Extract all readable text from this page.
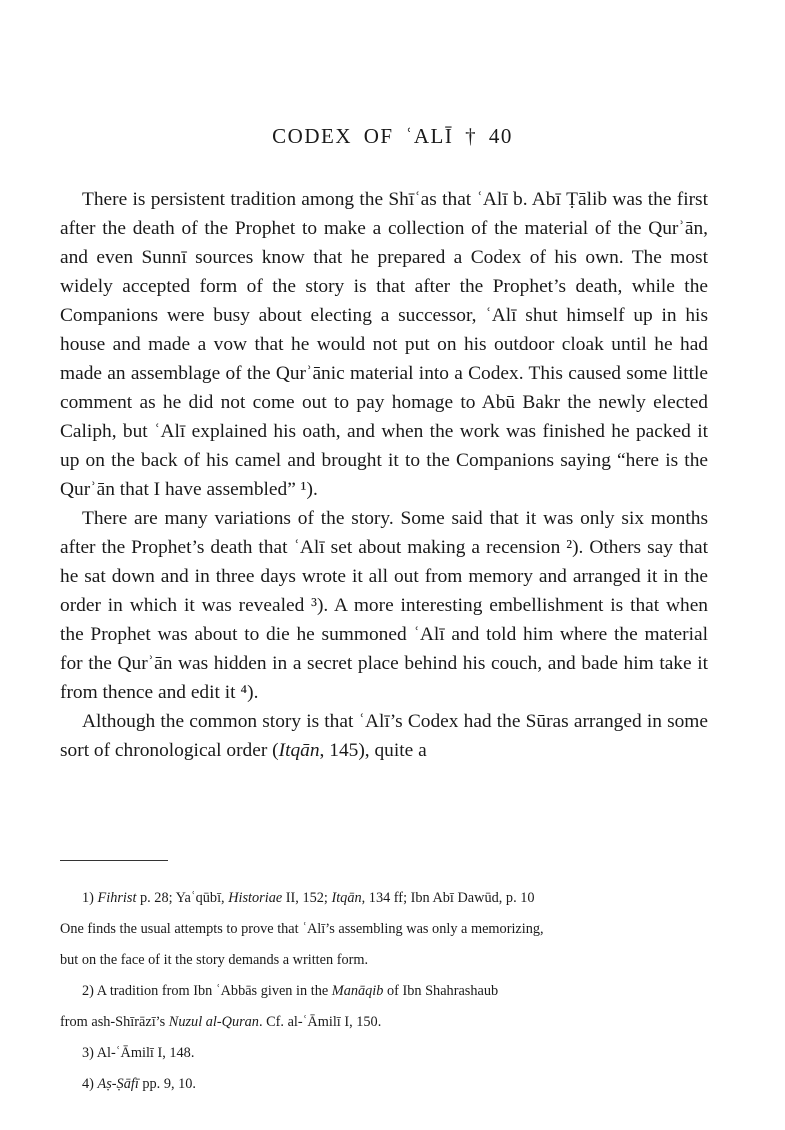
CODEX OF ʿALĪ † 40

There is persistent tradition among the Shīʿas that ʿAlī b. Abī Ṭālib was the first after the death of the Prophet to make a collection of the material of the Qurʾān, and even Sunnī sources know that he prepared a Codex of his own. The most widely accepted form of the story is that after the Prophet’s death, while the Companions were busy about electing a successor, ʿAlī shut himself up in his house and made a vow that he would not put on his outdoor cloak until he had made an assemblage of the Qurʾānic material into a Codex. This caused some little comment as he did not come out to pay homage to Abū Bakr the newly elected Caliph, but ʿAlī explained his oath, and when the work was finished he packed it up on the back of his camel and brought it to the Companions saying “here is the Qurʾān that I have assembled” ¹).

There are many variations of the story. Some said that it was only six months after the Prophet’s death that ʿAlī set about making a recension ²). Others say that he sat down and in three days wrote it all out from memory and arranged it in the order in which it was revealed ³). A more interesting embellishment is that when the Prophet was about to die he summoned ʿAlī and told him where the material for the Qurʾān was hidden in a secret place behind his couch, and bade him take it from thence and edit it ⁴).

Although the common story is that ʿAlī’s Codex had the Sūras arranged in some sort of chronological order (Itqān, 145), quite a

1) Fihrist p. 28; Yaʿqūbī, Historiae II, 152; Itqān, 134 ff; Ibn Abī Dawūd, p. 10
One finds the usual attempts to prove that ʿAlī’s assembling was only a memorizing,
but on the face of it the story demands a written form.
2) A tradition from Ibn ʿAbbās given in the Manāqib of Ibn Shahrashaub
from ash-Shīrāzī’s Nuzul al-Quran. Cf. al-ʿĀmilī I, 150.
3) Al-ʿĀmilī I, 148.
4) Aṣ-Ṣāfī pp. 9, 10.
